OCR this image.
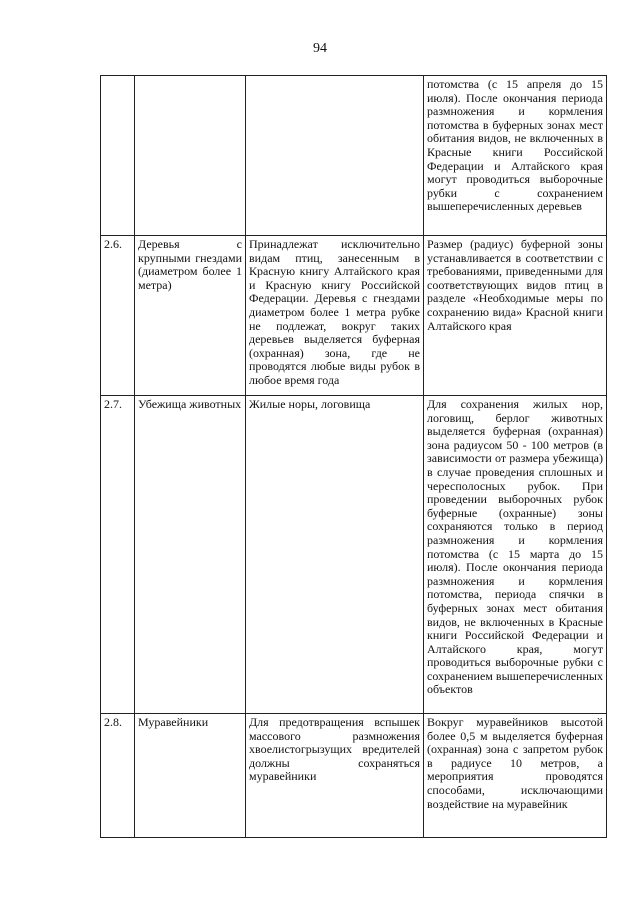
94

			потомства (с 15 апреля до 15 июля). После окончания периода размножения и кормления потомства в буферных зонах мест обитания видов, не включенных в Красные книги Российской Федерации и Алтайского края могут проводиться выборочные рубки с сохранением вышеперечисленных деревьев

2.6.	Деревья с крупными гнездами (диаметром более 1 метра)	Принадлежат исключительно видам птиц, занесенным в Красную книгу Алтайского края и Красную книгу Российской Федерации. Деревья с гнездами диаметром более 1 метра рубке не подлежат, вокруг таких деревьев выделяется буферная (охранная) зона, где не проводятся любые виды рубок в любое время года	Размер (радиус) буферной зоны устанавливается в соответствии с требованиями, приведенными для соответствующих видов птиц в разделе «Необходимые меры по сохранению вида» Красной книги Алтайского края

2.7.	Убежища животных	Жилые норы, логовища	Для сохранения жилых нор, логовищ, берлог животных выделяется буферная (охранная) зона радиусом 50 - 100 метров (в зависимости от размера убежища) в случае проведения сплошных и чересполосных рубок. При проведении выборочных рубок буферные (охранные) зоны сохраняются только в период размножения и кормления потомства (с 15 марта до 15 июля). После окончания периода размножения и кормления потомства, периода спячки в буферных зонах мест обитания видов, не включенных в Красные книги Российской Федерации и Алтайского края, могут проводиться выборочные рубки с сохранением вышеперечисленных объектов

2.8.	Муравейники	Для предотвращения вспышек массового размножения хвоелистогрызущих вредителей должны сохраняться муравейники	Вокруг муравейников высотой более 0,5 м выделяется буферная (охранная) зона с запретом рубок в радиусе 10 метров, а мероприятия проводятся способами, исключающими воздействие на муравейник
